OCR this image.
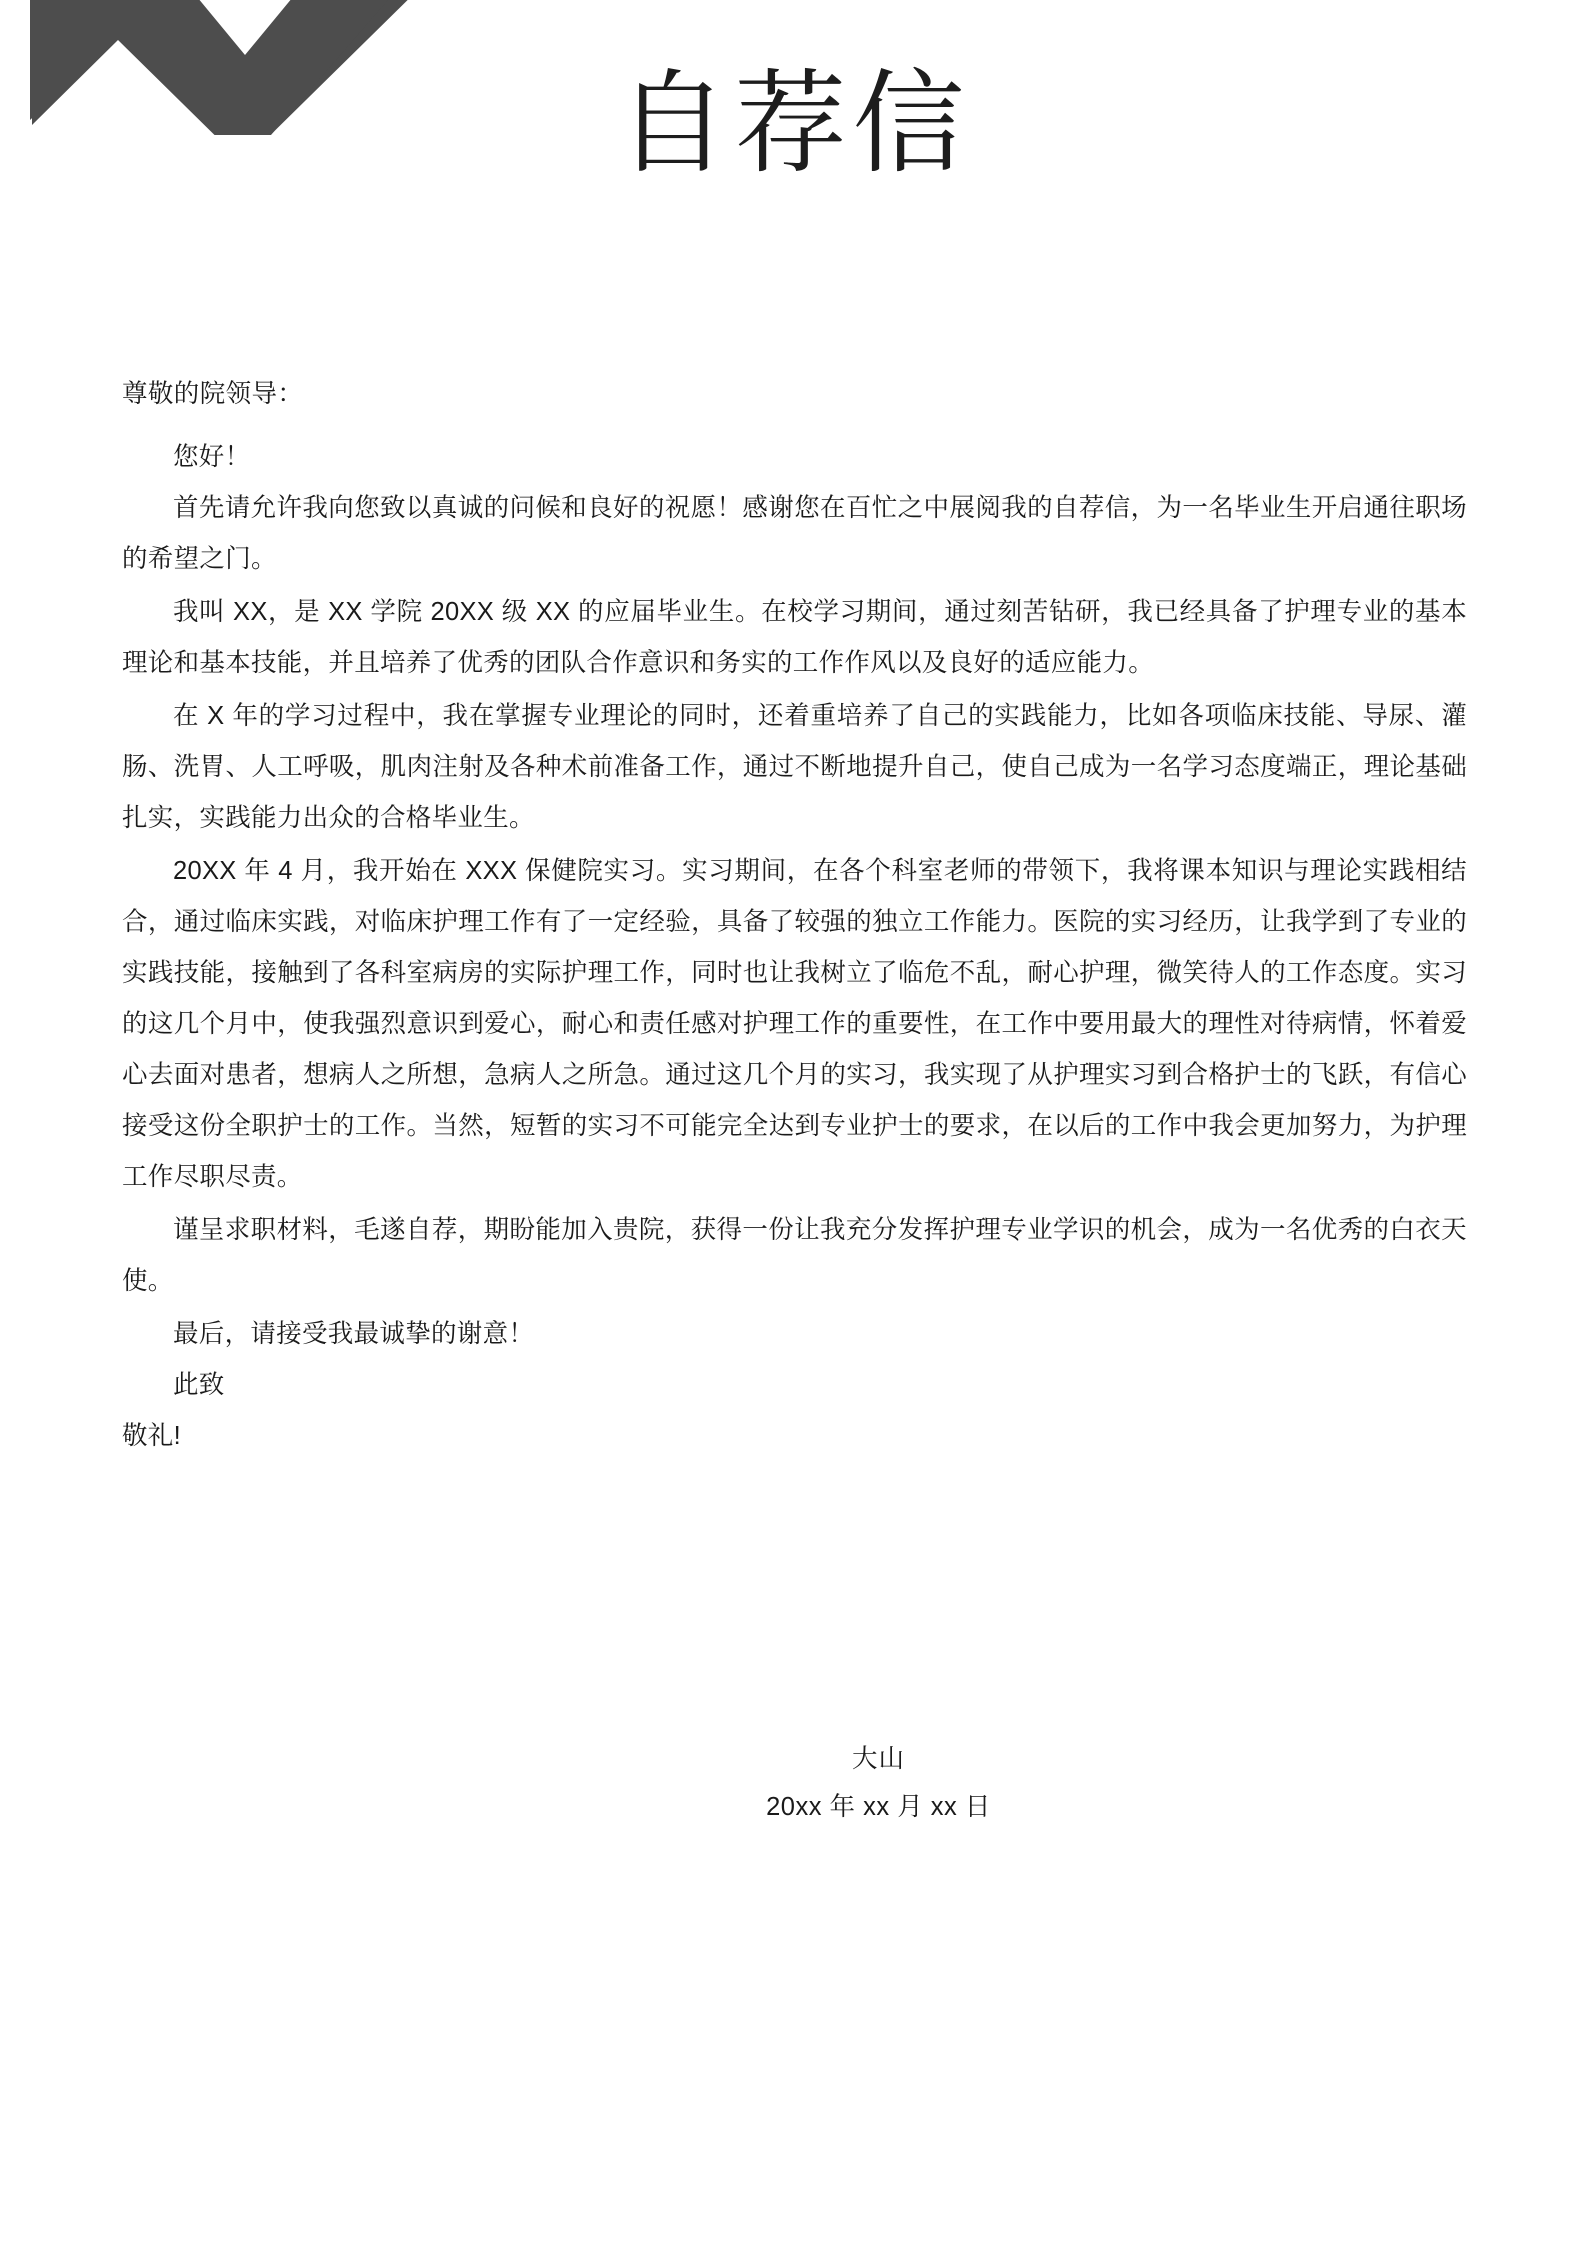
自荐信
尊敬的院领导：

您好！

首先请允许我向您致以真诚的问候和良好的祝愿！感谢您在百忙之中展阅我的自荐信，为一名毕业生开启通往职场的希望之门。

我叫 XX，是 XX 学院 20XX 级 XX 的应届毕业生。在校学习期间，通过刻苦钻研，我已经具备了护理专业的基本理论和基本技能，并且培养了优秀的团队合作意识和务实的工作作风以及良好的适应能力。

在 X 年的学习过程中，我在掌握专业理论的同时，还着重培养了自己的实践能力，比如各项临床技能、导尿、灌肠、洗胃、人工呼吸，肌肉注射及各种术前准备工作，通过不断地提升自己，使自己成为一名学习态度端正，理论基础扎实，实践能力出众的合格毕业生。

20XX 年 4 月，我开始在 XXX 保健院实习。实习期间，在各个科室老师的带领下，我将课本知识与理论实践相结合，通过临床实践，对临床护理工作有了一定经验，具备了较强的独立工作能力。医院的实习经历，让我学到了专业的实践技能，接触到了各科室病房的实际护理工作，同时也让我树立了临危不乱，耐心护理，微笑待人的工作态度。实习的这几个月中，使我强烈意识到爱心，耐心和责任感对护理工作的重要性，在工作中要用最大的理性对待病情，怀着爱心去面对患者，想病人之所想，急病人之所急。通过这几个月的实习，我实现了从护理实习到合格护士的飞跃，有信心接受这份全职护士的工作。当然，短暂的实习不可能完全达到专业护士的要求，在以后的工作中我会更加努力，为护理工作尽职尽责。

谨呈求职材料，毛遂自荐，期盼能加入贵院，获得一份让我充分发挥护理专业学识的机会，成为一名优秀的白衣天使。

最后，请接受我最诚挚的谢意！

此致

敬礼!

大山
20xx 年 xx 月 xx 日
